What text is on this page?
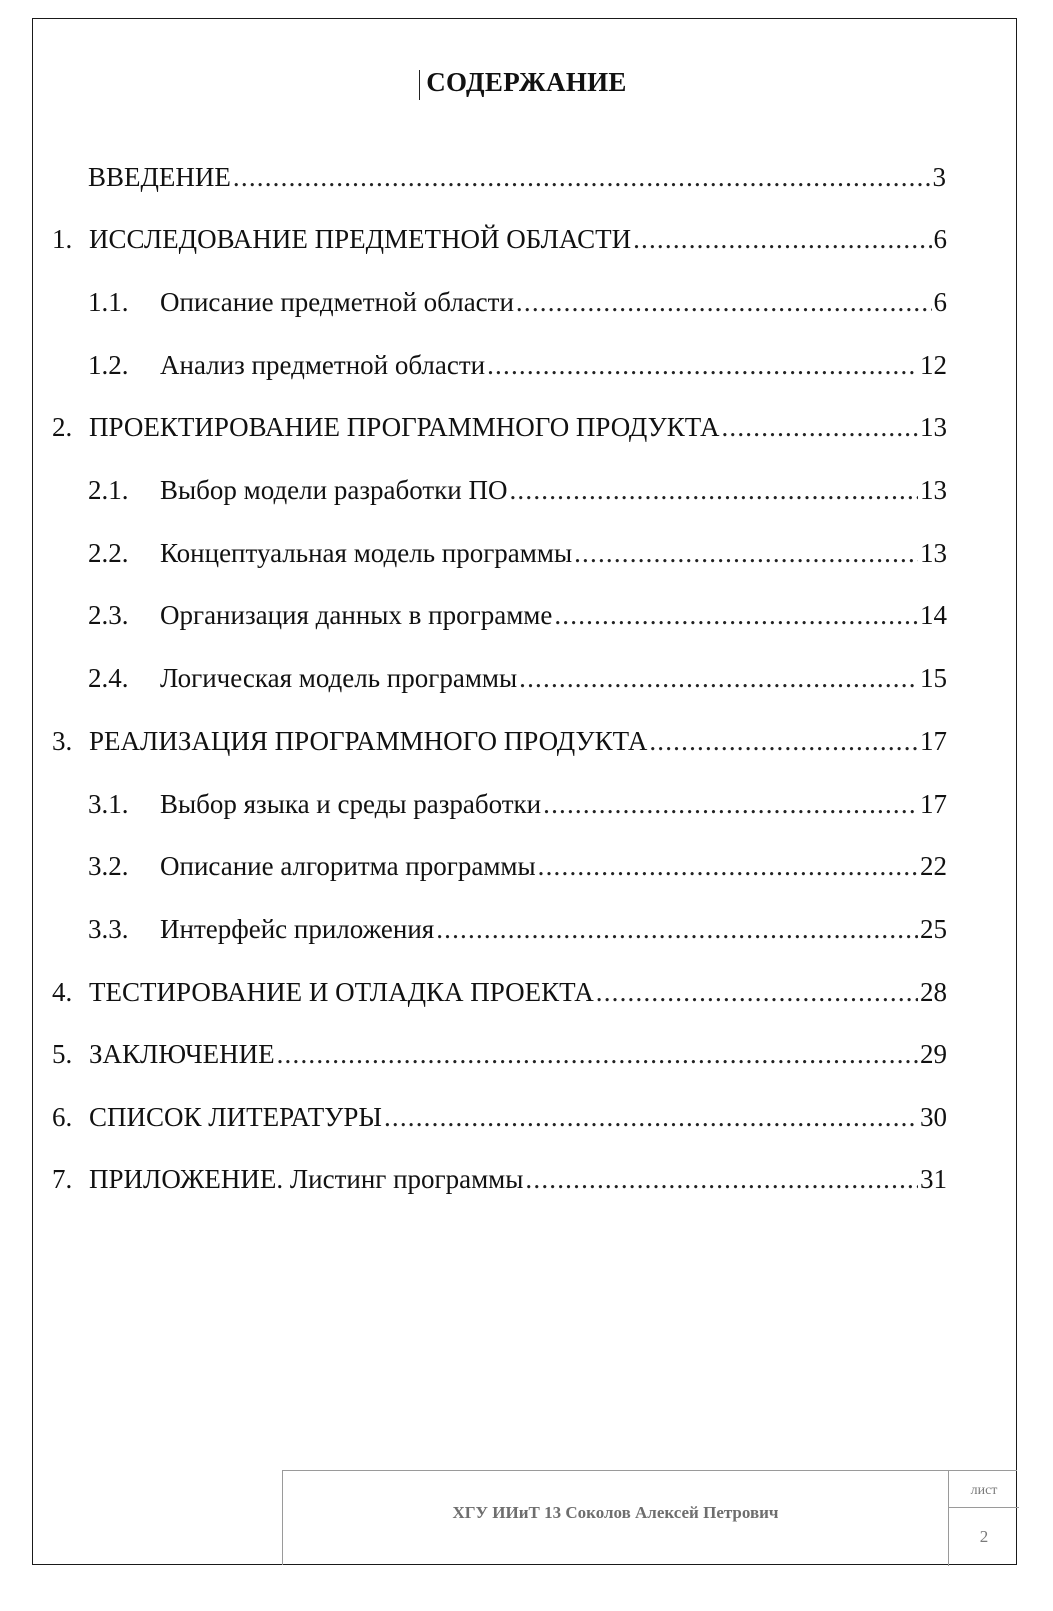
СОДЕРЖАНИЕ
ВВЕДЕНИЕ .....	3
1. ИССЛЕДОВАНИЕ ПРЕДМЕТНОЙ ОБЛАСТИ .....	6
1.1.	Описание предметной области .....	6
1.2.	Анализ предметной области .....	12
2. ПРОЕКТИРОВАНИЕ ПРОГРАММНОГО ПРОДУКТА .....	13
2.1.	Выбор модели разработки ПО .....	13
2.2.	Концептуальная модель программы .....	13
2.3.	Организация данных в программе .....	14
2.4.	Логическая модель программы .....	15
3. РЕАЛИЗАЦИЯ ПРОГРАММНОГО ПРОДУКТА .....	17
3.1.	Выбор языка и среды разработки .....	17
3.2.	Описание алгоритма программы .....	22
3.3.	Интерфейс приложения .....	25
4. ТЕСТИРОВАНИЕ И ОТЛАДКА ПРОЕКТА .....	28
5. ЗАКЛЮЧЕНИЕ .....	29
6. СПИСОК ЛИТЕРАТУРЫ .....	30
7. ПРИЛОЖЕНИЕ. Листинг программы .....	31
ХГУ ИИиТ 13 Соколов Алексей Петрович
лист
2
